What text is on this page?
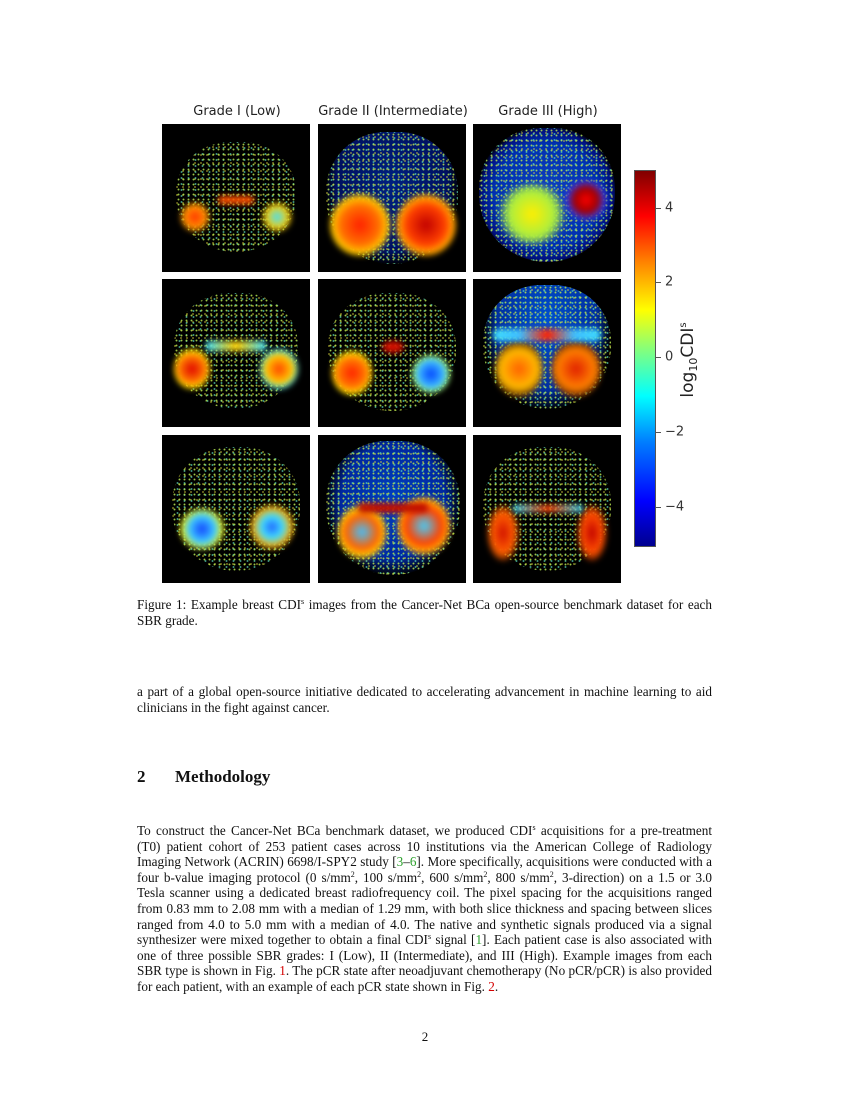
Grade I (Low)	Grade II (Intermediate)	Grade III (High)
4
2
0
−2
−4
$\log_{10}CDI^s$
Figure 1: Example breast CDI$^s$ images from the Cancer-Net BCa open-source benchmark dataset for each SBR grade.
a part of a global open-source initiative dedicated to accelerating advancement in machine learning to aid clinicians in the fight against cancer.
2 Methodology
To construct the Cancer-Net BCa benchmark dataset, we produced CDI$^s$ acquisitions for a pre-treatment (T0) patient cohort of 253 patient cases across 10 institutions via the American College of Radiology Imaging Network (ACRIN) 6698/I-SPY2 study [3–6]. More specifically, acquisitions were conducted with a four b-value imaging protocol (0 $s/mm^2$, 100 $s/mm^2$, 600 $s/mm^2$, 800 $s/mm^2$, 3-direction) on a 1.5 or 3.0 Tesla scanner using a dedicated breast radiofrequency coil. The pixel spacing for the acquisitions ranged from 0.83 mm to 2.08 mm with a median of 1.29 mm, with both slice thickness and spacing between slices ranged from 4.0 to 5.0 mm with a median of 4.0. The native and synthetic signals produced via a signal synthesizer were mixed together to obtain a final CDI$^s$ signal [1]. Each patient case is also associated with one of three possible SBR grades: I (Low), II (Intermediate), and III (High). Example images from each SBR type is shown in Fig. 1. The pCR state after neoadjuvant chemotherapy (No pCR/pCR) is also provided for each patient, with an example of each pCR state shown in Fig. 2.
2
